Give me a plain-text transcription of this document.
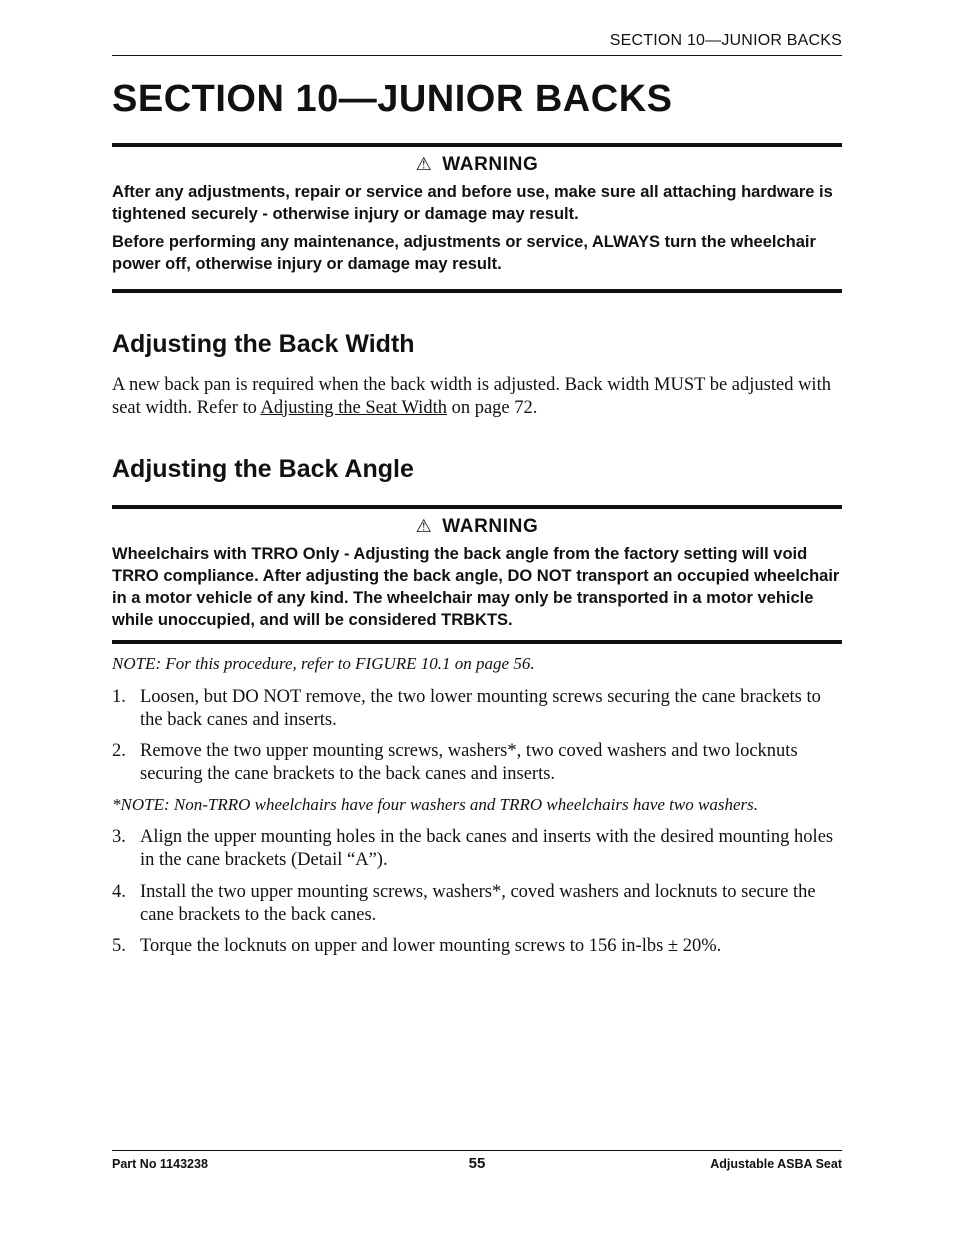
SECTION 10—JUNIOR BACKS
SECTION 10—JUNIOR BACKS
⚠ WARNING

After any adjustments, repair or service and before use, make sure all attaching hardware is tightened securely - otherwise injury or damage may result.

Before performing any maintenance, adjustments or service, ALWAYS turn the wheelchair power off, otherwise injury or damage may result.

Adjusting the Back Width

A new back pan is required when the back width is adjusted. Back width MUST be adjusted with seat width. Refer to Adjusting the Seat Width on page 72.

Adjusting the Back Angle
⚠ WARNING

Wheelchairs with TRRO Only - Adjusting the back angle from the factory setting will void TRRO compliance. After adjusting the back angle, DO NOT transport an occupied wheelchair in a motor vehicle of any kind. The wheelchair may only be transported in a motor vehicle while unoccupied, and will be considered TRBKTS.

NOTE: For this procedure, refer to FIGURE 10.1 on page 56.

1. Loosen, but DO NOT remove, the two lower mounting screws securing the cane brackets to the back canes and inserts.
2. Remove the two upper mounting screws, washers*, two coved washers and two locknuts securing the cane brackets to the back canes and inserts.

*NOTE: Non-TRRO wheelchairs have four washers and TRRO wheelchairs have two washers.

3. Align the upper mounting holes in the back canes and inserts with the desired mounting holes in the cane brackets (Detail “A”).
4. Install the two upper mounting screws, washers*, coved washers and locknuts to secure the cane brackets to the back canes.
5. Torque the locknuts on upper and lower mounting screws to 156 in-lbs ± 20%.
Part No 1143238	55	Adjustable ASBA Seat
